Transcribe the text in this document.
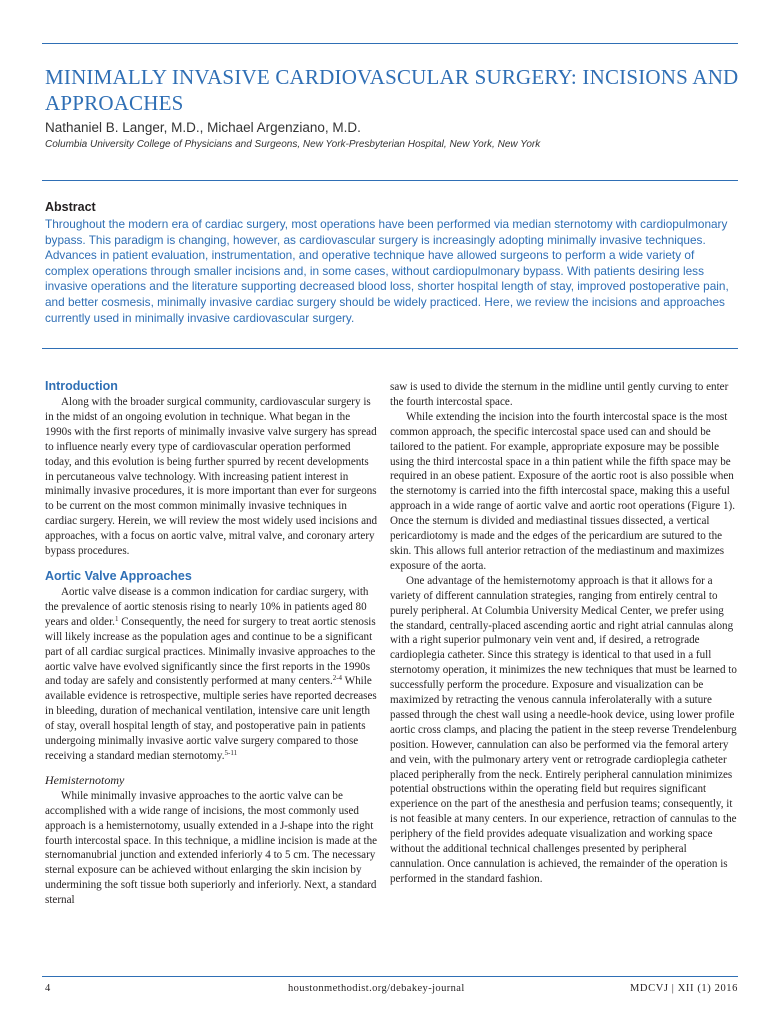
MINIMALLY INVASIVE CARDIOVASCULAR SURGERY: INCISIONS AND APPROACHES
Nathaniel B. Langer, M.D., Michael Argenziano, M.D.
Columbia University College of Physicians and Surgeons, New York-Presbyterian Hospital, New York, New York
Abstract

Throughout the modern era of cardiac surgery, most operations have been performed via median sternotomy with cardiopulmonary bypass. This paradigm is changing, however, as cardiovascular surgery is increasingly adopting minimally invasive techniques. Advances in patient evaluation, instrumentation, and operative technique have allowed surgeons to perform a wide variety of complex operations through smaller incisions and, in some cases, without cardiopulmonary bypass. With patients desiring less invasive operations and the literature supporting decreased blood loss, shorter hospital length of stay, improved postoperative pain, and better cosmesis, minimally invasive cardiac surgery should be widely practiced. Here, we review the incisions and approaches currently used in minimally invasive cardiovascular surgery.

Introduction

Along with the broader surgical community, cardiovascular surgery is in the midst of an ongoing evolution in technique. What began in the 1990s with the first reports of minimally invasive valve surgery has spread to influence nearly every type of cardiovascular operation performed today, and this evolution is being further spurred by recent developments in percutaneous valve technology. With increasing patient interest in minimally invasive procedures, it is more important than ever for surgeons to be current on the most common minimally invasive techniques in cardiac surgery. Herein, we will review the most widely used incisions and approaches, with a focus on aortic valve, mitral valve, and coronary artery bypass procedures.

Aortic Valve Approaches

Aortic valve disease is a common indication for cardiac surgery, with the prevalence of aortic stenosis rising to nearly 10% in patients aged 80 years and older.$^1$ Consequently, the need for surgery to treat aortic stenosis will likely increase as the population ages and continue to be a significant part of all cardiac surgical practices. Minimally invasive approaches to the aortic valve have evolved significantly since the first reports in the 1990s and today are safely and consistently performed at many centers.$^{2-4}$ While available evidence is retrospective, multiple series have reported decreases in bleeding, duration of mechanical ventilation, intensive care unit length of stay, overall hospital length of stay, and postoperative pain in patients undergoing minimally invasive aortic valve surgery compared to those receiving a standard median sternotomy.$^{5-11}$

Hemisternotomy

While minimally invasive approaches to the aortic valve can be accomplished with a wide range of incisions, the most commonly used approach is a hemisternotomy, usually extended in a J-shape into the right fourth intercostal space. In this technique, a midline incision is made at the sternomanubrial junction and extended inferiorly 4 to 5 cm. The necessary sternal exposure can be achieved without enlarging the skin incision by undermining the soft tissue both superiorly and inferiorly. Next, a standard sternal

saw is used to divide the sternum in the midline until gently curving to enter the fourth intercostal space.

While extending the incision into the fourth intercostal space is the most common approach, the specific intercostal space used can and should be tailored to the patient. For example, appropriate exposure may be possible using the third intercostal space in a thin patient while the fifth space may be required in an obese patient. Exposure of the aortic root is also possible when the sternotomy is carried into the fifth intercostal space, making this a useful approach in a wide range of aortic valve and aortic root operations (Figure 1). Once the sternum is divided and mediastinal tissues dissected, a vertical pericardiotomy is made and the edges of the pericardium are sutured to the skin. This allows full anterior retraction of the mediastinum and maximizes exposure of the aorta.

One advantage of the hemisternotomy approach is that it allows for a variety of different cannulation strategies, ranging from entirely central to purely peripheral. At Columbia University Medical Center, we prefer using the standard, centrally-placed ascending aortic and right atrial cannulas along with a right superior pulmonary vein vent and, if desired, a retrograde cardioplegia catheter. Since this strategy is identical to that used in a full sternotomy operation, it minimizes the new techniques that must be learned to successfully perform the procedure. Exposure and visualization can be maximized by retracting the venous cannula inferolaterally with a suture passed through the chest wall using a needle-hook device, using lower profile aortic cross clamps, and placing the patient in the steep reverse Trendelenburg position. However, cannulation can also be performed via the femoral artery and vein, with the pulmonary artery vent or retrograde cardioplegia catheter placed peripherally from the neck. Entirely peripheral cannulation minimizes potential obstructions within the operating field but requires significant experience on the part of the anesthesia and perfusion teams; consequently, it is not feasible at many centers. In our experience, retraction of cannulas to the periphery of the field provides adequate visualization and working space without the additional technical challenges presented by peripheral cannulation. Once cannulation is achieved, the remainder of the operation is performed in the standard fashion.

4	houstonmethodist.org/debakey-journal	MDCVJ | XII (1) 2016
